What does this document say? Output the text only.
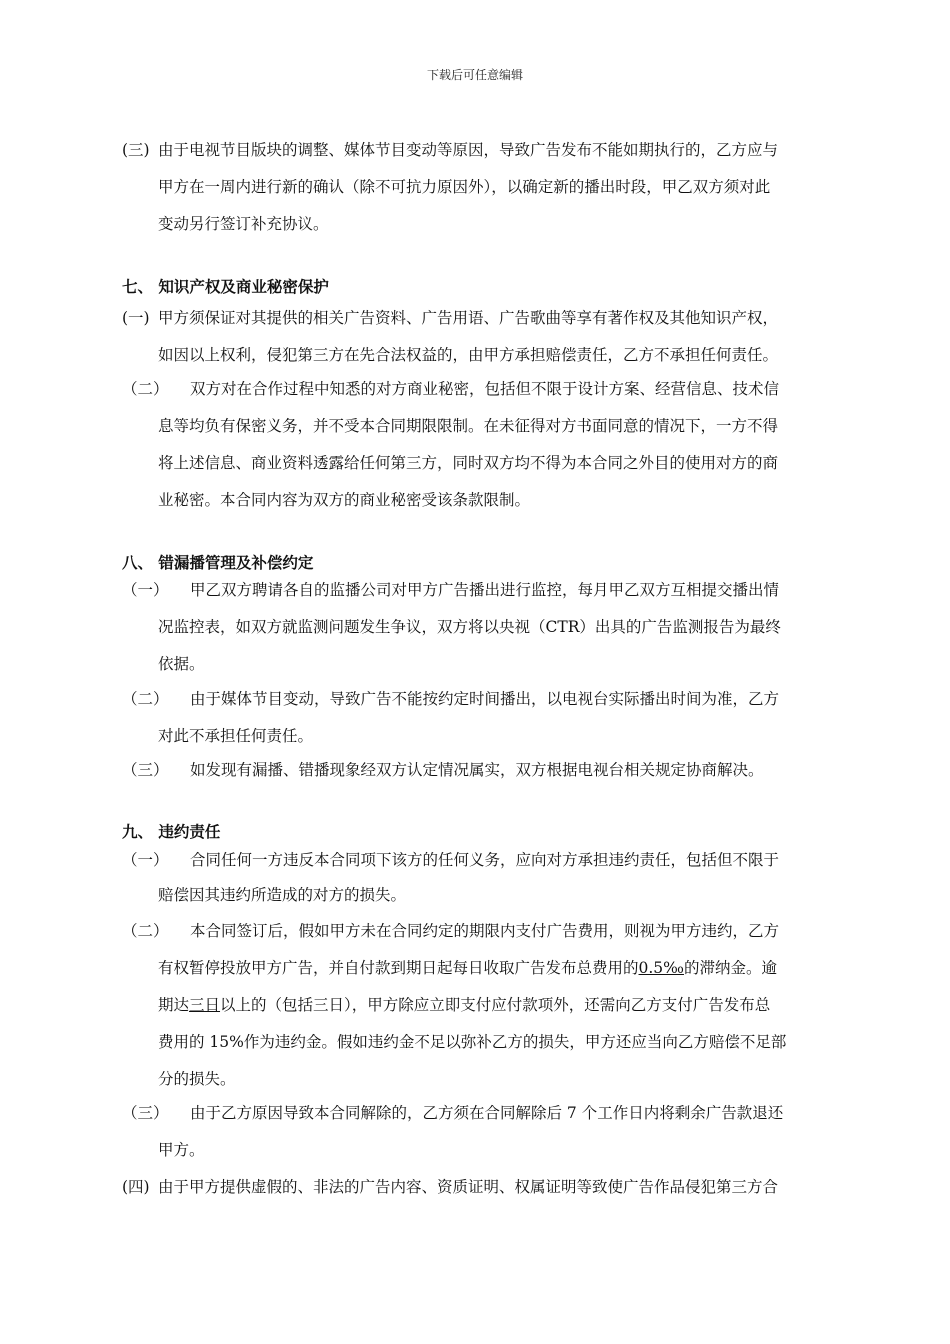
下载后可任意编辑
(三) 由于电视节目版块的调整、媒体节目变动等原因，导致广告发布不能如期执行的，乙方应与
甲方在一周内进行新的确认（除不可抗力原因外），以确定新的播出时段，甲乙双方须对此
变动另行签订补充协议。
七、 知识产权及商业秘密保护
(一) 甲方须保证对其提供的相关广告资料、广告用语、广告歌曲等享有著作权及其他知识产权，
如因以上权利，侵犯第三方在先合法权益的，由甲方承担赔偿责任，乙方不承担任何责任。
（二） 双方对在合作过程中知悉的对方商业秘密，包括但不限于设计方案、经营信息、技术信
息等均负有保密义务，并不受本合同期限限制。在未征得对方书面同意的情况下，一方不得
将上述信息、商业资料透露给任何第三方，同时双方均不得为本合同之外目的使用对方的商
业秘密。本合同内容为双方的商业秘密受该条款限制。
八、 错漏播管理及补偿约定
（一） 甲乙双方聘请各自的监播公司对甲方广告播出进行监控，每月甲乙双方互相提交播出情
况监控表，如双方就监测问题发生争议，双方将以央视（CTR）出具的广告监测报告为最终
依据。
（二） 由于媒体节目变动，导致广告不能按约定时间播出，以电视台实际播出时间为准，乙方
对此不承担任何责任。
（三） 如发现有漏播、错播现象经双方认定情况属实，双方根据电视台相关规定协商解决。
九、 违约责任
（一） 合同任何一方违反本合同项下该方的任何义务，应向对方承担违约责任，包括但不限于
赔偿因其违约所造成的对方的损失。
（二） 本合同签订后，假如甲方未在合同约定的期限内支付广告费用，则视为甲方违约，乙方
有权暂停投放甲方广告，并自付款到期日起每日收取广告发布总费用的0.5‰的滞纳金。逾
期达三日以上的（包括三日），甲方除应立即支付应付款项外，还需向乙方支付广告发布总
费用的 15%作为违约金。假如违约金不足以弥补乙方的损失，甲方还应当向乙方赔偿不足部
分的损失。
（三） 由于乙方原因导致本合同解除的，乙方须在合同解除后 7 个工作日内将剩余广告款退还
甲方。
(四) 由于甲方提供虚假的、非法的广告内容、资质证明、权属证明等致使广告作品侵犯第三方合
